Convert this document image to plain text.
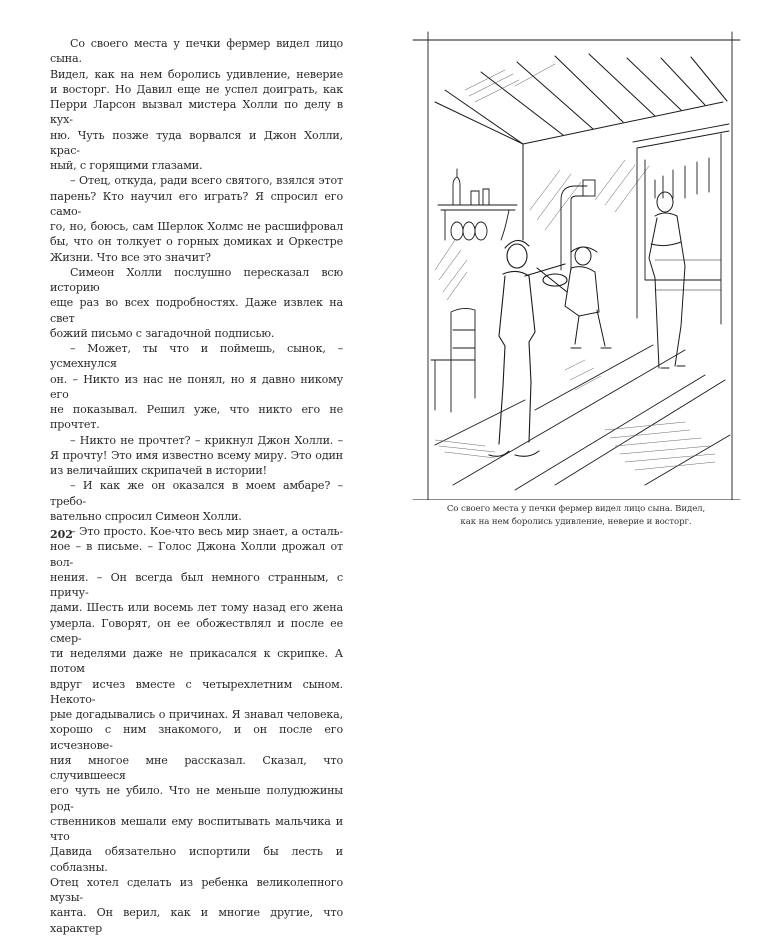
Со своего места у печки фермер видел лицо сына.
Видел, как на нем боролись удивление, неверие
и восторг. Но Давил еще не успел доиграть, как
Перри Ларсон вызвал мистера Холли по делу в кух-
ню. Чуть позже туда ворвался и Джон Холли, крас-
ный, с горящими глазами.

– Отец, откуда, ради всего святого, взялся этот
парень? Кто научил его играть? Я спросил его само-
го, но, боюсь, сам Шерлок Холмс не расшифровал
бы, что он толкует о горных домиках и Оркестре
Жизни. Что все это значит?

Симеон Холли послушно пересказал всю историю
еще раз во всех подробностях. Даже извлек на свет
божий письмо с загадочной подписью.

– Может, ты что и поймешь, сынок, – усмехнулся
он. – Никто из нас не понял, но я давно никому его
не показывал. Решил уже, что никто его не прочтет.

– Никто не прочтет? – крикнул Джон Холли. –
Я прочту! Это имя известно всему миру. Это один
из величайших скрипачей в истории!

– И как же он оказался в моем амбаре? – требо-
вательно спросил Симеон Холли.

– Это просто. Кое-что весь мир знает, а осталь-
ное – в письме. – Голос Джона Холли дрожал от вол-
нения. – Он всегда был немного странным, с причу-
дами. Шесть или восемь лет тому назад его жена
умерла. Говорят, он ее обожествлял и после ее смер-
ти неделями даже не прикасался к скрипке. А потом
вдруг исчез вместе с четырехлетним сыном. Некото-
рые догадывались о причинах. Я знавал человека,
хорошо с ним знакомого, и он после его исчезнове-
ния многое мне рассказал. Сказал, что случившееся
его чуть не убило. Что не меньше полудюжины род-
ственников мешали ему воспитывать мальчика и что
Давида обязательно испортили бы лесть и соблазны.
Отец хотел сделать из ребенка великолепного музы-
канта. Он верил, как и многие другие, что характер

202
Со своего места у печки фермер видел лицо сына. Видел,
как на нем боролись удивление, неверие и восторг.
